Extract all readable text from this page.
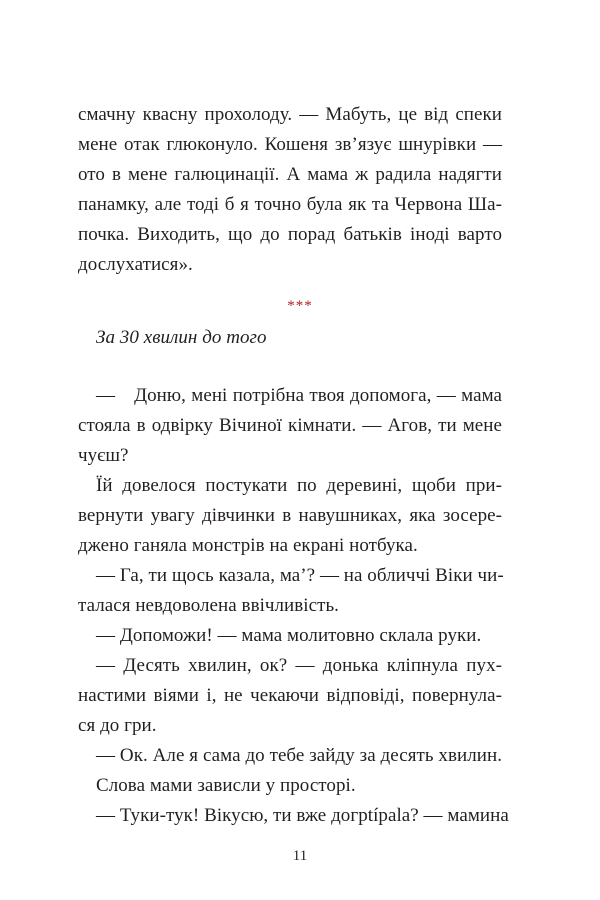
смачну квасну прохолоду. — Мабуть, це від спеки
мене отак глюконуло. Кошеня зв’язує шнурівки —
ото в мене галюцинації. А мама ж радила надягти
панамку, але тоді б я точно була як та Червона Ша-
почка. Виходить, що до порад батьків іноді варто
дослухатися».
***
За 30 хвилин до того
— Доню, мені потрібна твоя допомога, — мама
стояла в одвірку Вічиної кімнати. — Агов, ти мене
чуєш?
Їй довелося постукати по деревині, щоби при-
вернути увагу дівчинки в навушниках, яка зосере-
джено ганяла монстрів на екрані нотбука.
— Га, ти щось казала, ма’? — на обличчі Віки чи-
талася невдоволена ввічливість.
— Допоможи! — мама молитовно склала руки.
— Десять хвилин, ок? — донька кліпнула пух-
настими віями і, не чекаючи відповіді, повернула-
ся до гри.
— Ок. Але я сама до тебе зайду за десять хвилин.
Слова мами зависли у просторі.
— Туки-тук! Вікусю, ти вже догрtípala? — мамина
11
